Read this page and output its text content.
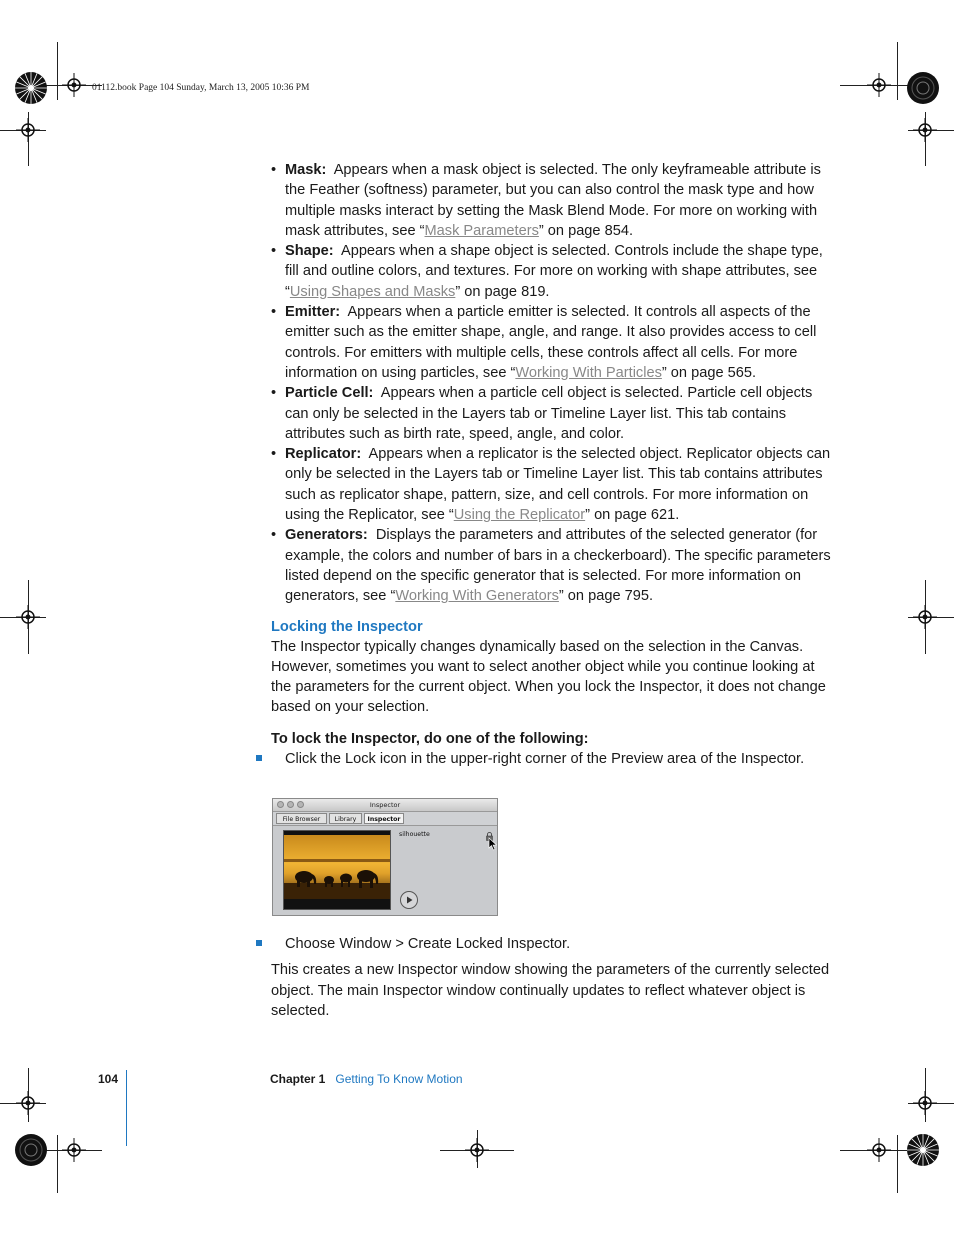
01112.book Page 104 Sunday, March 13, 2005 10:36 PM
• Mask: Appears when a mask object is selected. The only keyframeable attribute is the Feather (softness) parameter, but you can also control the mask type and how multiple masks interact by setting the Mask Blend Mode. For more on working with mask attributes, see “Mask Parameters” on page 854.
• Shape: Appears when a shape object is selected. Controls include the shape type, fill and outline colors, and textures. For more on working with shape attributes, see “Using Shapes and Masks” on page 819.
• Emitter: Appears when a particle emitter is selected. It controls all aspects of the emitter such as the emitter shape, angle, and range. It also provides access to cell controls. For emitters with multiple cells, these controls affect all cells. For more information on using particles, see “Working With Particles” on page 565.
• Particle Cell: Appears when a particle cell object is selected. Particle cell objects can only be selected in the Layers tab or Timeline Layer list. This tab contains attributes such as birth rate, speed, angle, and color.
• Replicator: Appears when a replicator is the selected object. Replicator objects can only be selected in the Layers tab or Timeline Layer list. This tab contains attributes such as replicator shape, pattern, size, and cell controls. For more information on using the Replicator, see “Using the Replicator” on page 621.
• Generators: Displays the parameters and attributes of the selected generator (for example, the colors and number of bars in a checkerboard). The specific parameters listed depend on the specific generator that is selected. For more information on generators, see “Working With Generators” on page 795.
Locking the Inspector

The Inspector typically changes dynamically based on the selection in the Canvas. However, sometimes you want to select another object while you continue looking at the parameters for the current object. When you lock the Inspector, it does not change based on your selection.

To lock the Inspector, do one of the following:
Click the Lock icon in the upper-right corner of the Preview area of the Inspector.
Inspector
File Browser	Library	Inspector
silhouette
Choose Window > Create Locked Inspector.

This creates a new Inspector window showing the parameters of the currently selected object. The main Inspector window continually updates to reflect whatever object is selected.

104	Chapter 1 Getting To Know Motion
